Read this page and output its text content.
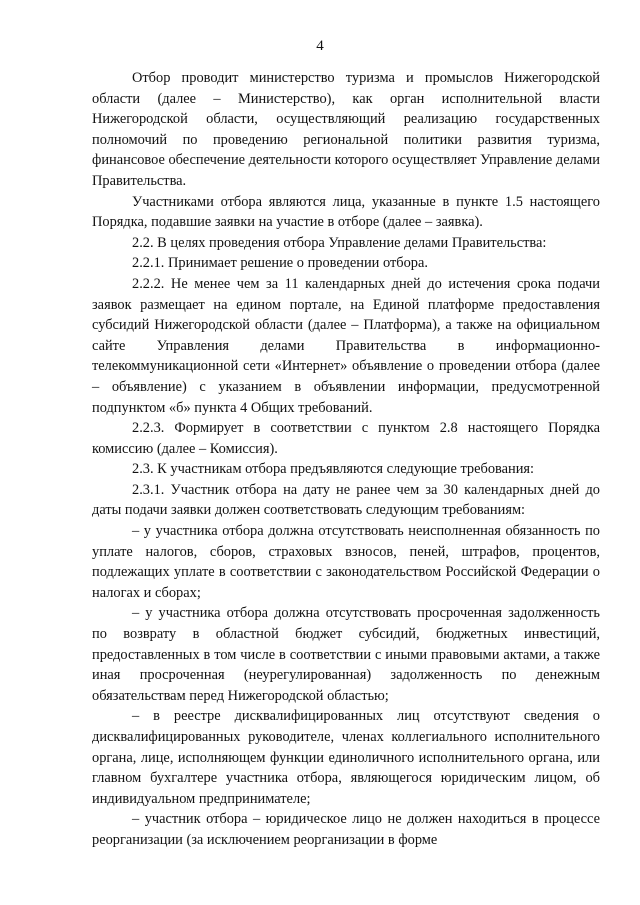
4

Отбор проводит министерство туризма и промыслов Нижегородской области (далее – Министерство), как орган исполнительной власти Нижегородской области, осуществляющий реализацию государственных полномочий по проведению региональной политики развития туризма, финансовое обеспечение деятельности которого осуществляет Управление делами Правительства.

Участниками отбора являются лица, указанные в пункте 1.5 настоящего Порядка, подавшие заявки на участие в отборе (далее – заявка).

2.2. В целях проведения отбора Управление делами Правительства:

2.2.1. Принимает решение о проведении отбора.

2.2.2. Не менее чем за 11 календарных дней до истечения срока подачи заявок размещает на едином портале, на Единой платформе предоставления субсидий Нижегородской области (далее – Платформа), а также на официальном сайте Управления делами Правительства в информационно-телекоммуникационной сети «Интернет» объявление о проведении отбора (далее – объявление) с указанием в объявлении информации, предусмотренной подпунктом «б» пункта 4 Общих требований.

2.2.3. Формирует в соответствии с пунктом 2.8 настоящего Порядка комиссию (далее – Комиссия).

2.3. К участникам отбора предъявляются следующие требования:

2.3.1. Участник отбора на дату не ранее чем за 30 календарных дней до даты подачи заявки должен соответствовать следующим требованиям:

– у участника отбора должна отсутствовать неисполненная обязанность по уплате налогов, сборов, страховых взносов, пеней, штрафов, процентов, подлежащих уплате в соответствии с законодательством Российской Федерации о налогах и сборах;

– у участника отбора должна отсутствовать просроченная задолженность по возврату в областной бюджет субсидий, бюджетных инвестиций, предоставленных в том числе в соответствии с иными правовыми актами, а также иная просроченная (неурегулированная) задолженность по денежным обязательствам перед Нижегородской областью;

– в реестре дисквалифицированных лиц отсутствуют сведения о дисквалифицированных руководителе, членах коллегиального исполнительного органа, лице, исполняющем функции единоличного исполнительного органа, или главном бухгалтере участника отбора, являющегося юридическим лицом, об индивидуальном предпринимателе;

– участник отбора – юридическое лицо не должен находиться в процессе реорганизации (за исключением реорганизации в форме
